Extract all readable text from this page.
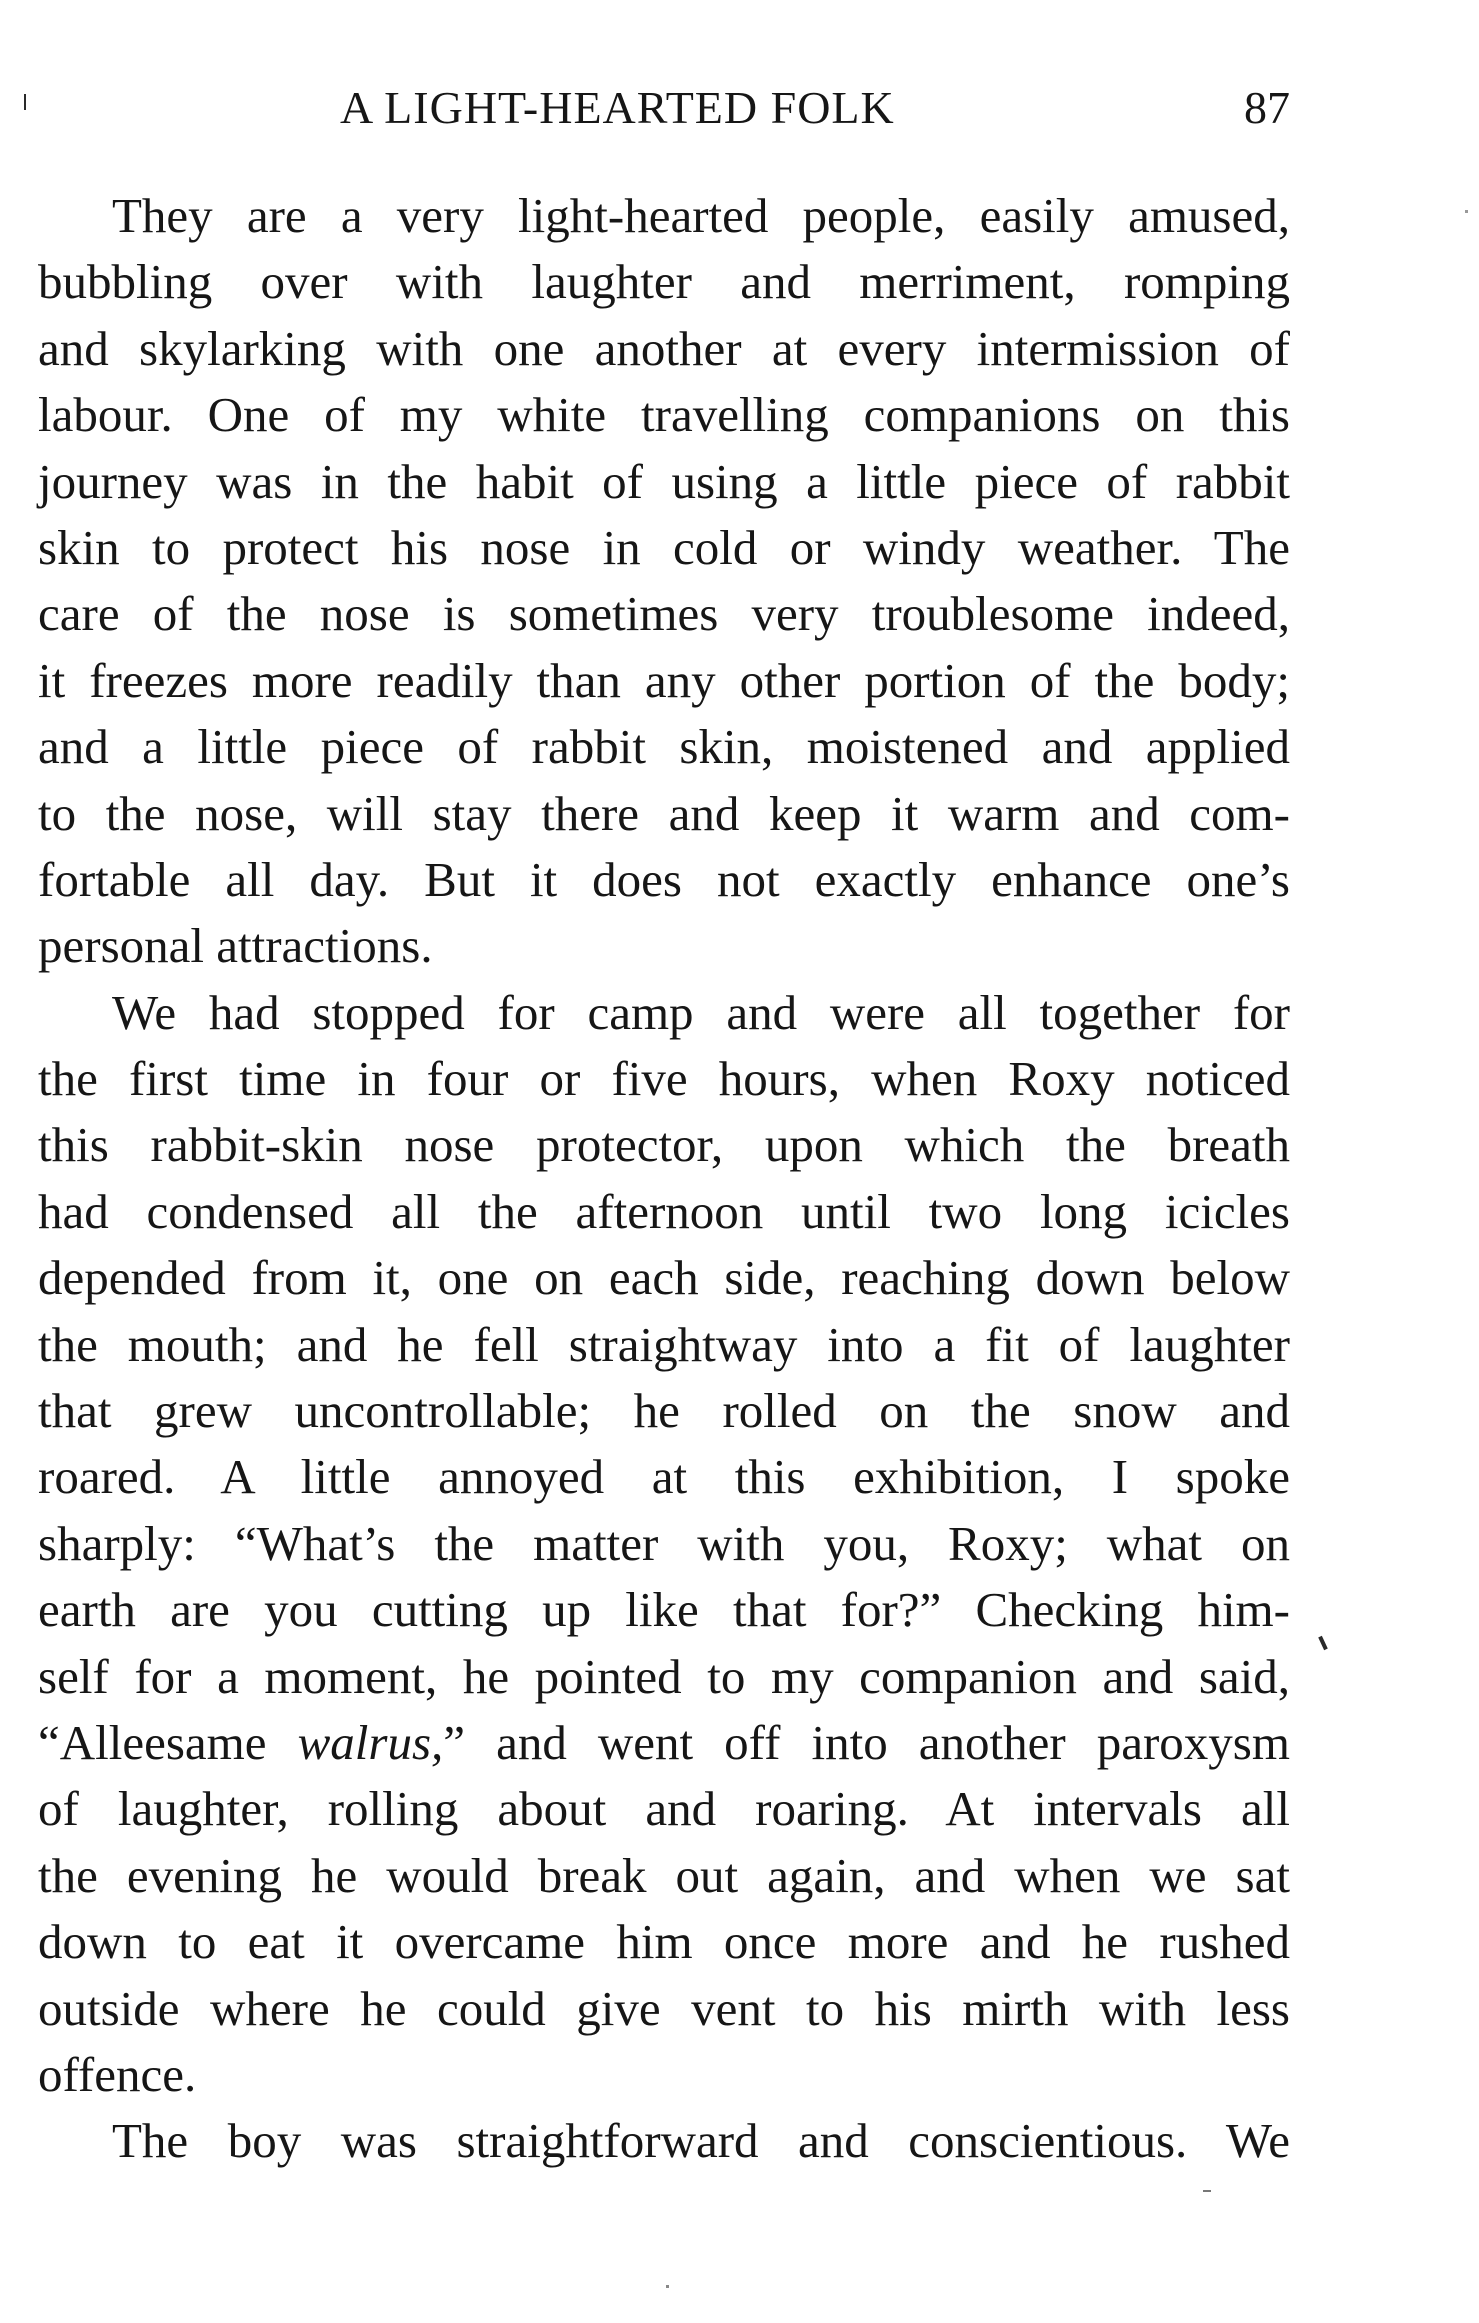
A LIGHT-HEARTED FOLK	87
They are a very light-hearted people, easily amused,
bubbling over with laughter and merriment, romping
and skylarking with one another at every intermission of
labour. One of my white travelling companions on this
journey was in the habit of using a little piece of rabbit
skin to protect his nose in cold or windy weather. The
care of the nose is sometimes very troublesome indeed,
it freezes more readily than any other portion of the body;
and a little piece of rabbit skin, moistened and applied
to the nose, will stay there and keep it warm and com-
fortable all day. But it does not exactly enhance one’s
personal attractions.
We had stopped for camp and were all together for
the first time in four or five hours, when Roxy noticed
this rabbit-skin nose protector, upon which the breath
had condensed all the afternoon until two long icicles
depended from it, one on each side, reaching down below
the mouth; and he fell straightway into a fit of laughter
that grew uncontrollable; he rolled on the snow and
roared. A little annoyed at this exhibition, I spoke
sharply: “What’s the matter with you, Roxy; what on
earth are you cutting up like that for?” Checking him-
self for a moment, he pointed to my companion and said,
“Alleesame walrus,” and went off into another paroxysm
of laughter, rolling about and roaring. At intervals all
the evening he would break out again, and when we sat
down to eat it overcame him once more and he rushed
outside where he could give vent to his mirth with less
offence.
The boy was straightforward and conscientious. We
